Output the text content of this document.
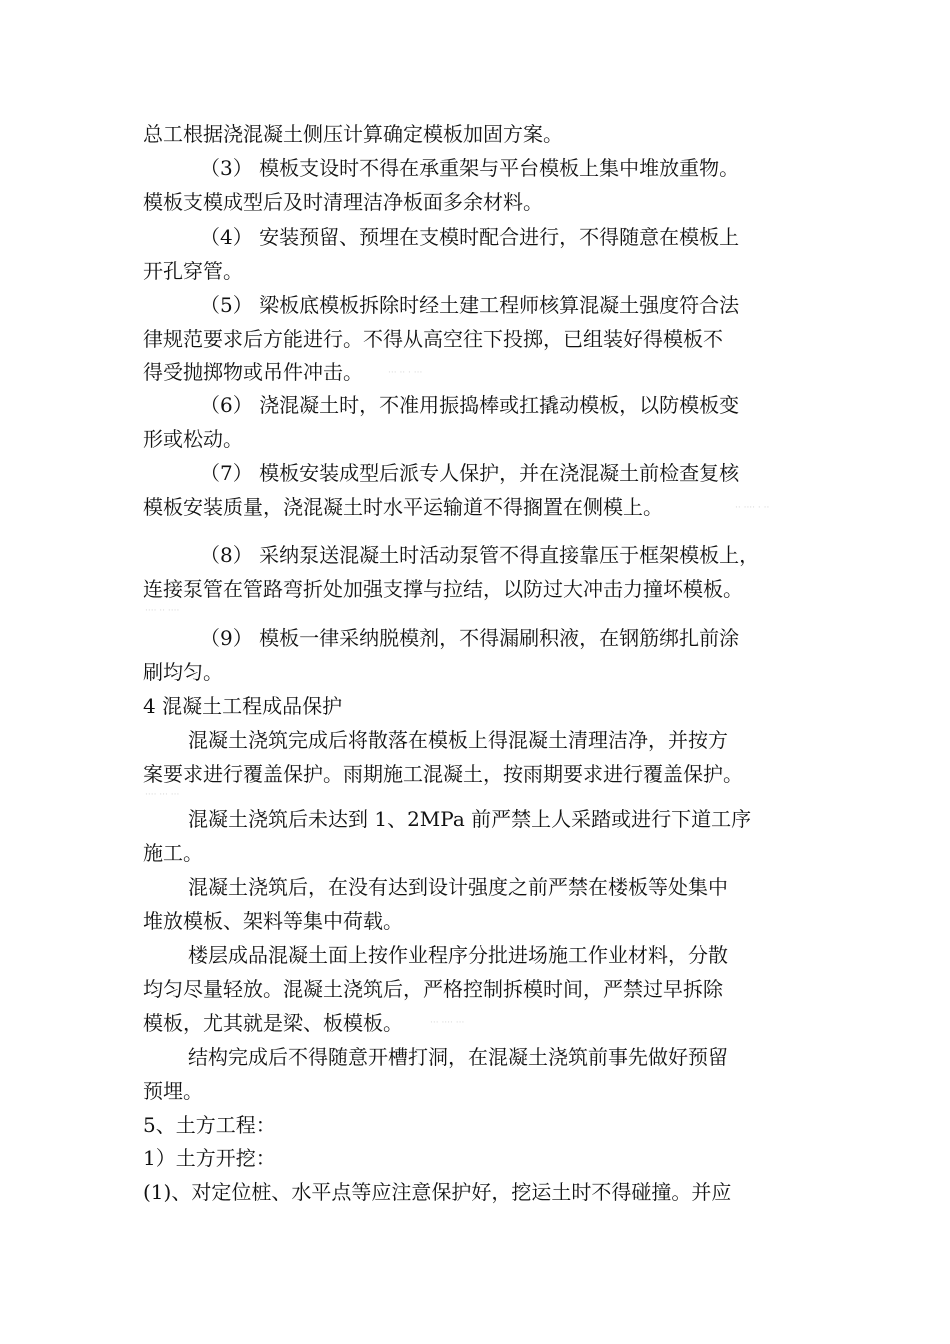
总工根据浇混凝土侧压计算确定模板加固方案。
（3） 模板支设时不得在承重架与平台模板上集中堆放重物。
模板支模成型后及时清理洁净板面多余材料。
（4） 安装预留、预埋在支模时配合进行，不得随意在模板上
开孔穿管。
（5） 梁板底模板拆除时经土建工程师核算混凝土强度符合法
律规范要求后方能进行。不得从高空往下投掷，已组装好得模板不
得受抛掷物或吊件冲击。	··· ·· · ···
（6） 浇混凝土时，不准用振捣棒或扛撬动模板，以防模板变
形或松动。
（7） 模板安装成型后派专人保护，并在浇混凝土前检查复核
模板安装质量，浇混凝土时水平运输道不得搁置在侧模上。	·· ···· · ··
（8） 采纳泵送混凝土时活动泵管不得直接靠压于框架模板上，
连接泵管在管路弯折处加强支撑与拉结，以防过大冲击力撞坏模板。
···· ·· ····
（9） 模板一律采纳脱模剂，不得漏刷积液，在钢筋绑扎前涂
刷均匀。
4 混凝土工程成品保护
混凝土浇筑完成后将散落在模板上得混凝土清理洁净，并按方
案要求进行覆盖保护。雨期施工混凝土，按雨期要求进行覆盖保护。
···· ··· ···
混凝土浇筑后未达到 1、2MPa 前严禁上人采踏或进行下道工序
施工。
混凝土浇筑后，在没有达到设计强度之前严禁在楼板等处集中
堆放模板、架料等集中荷载。
楼层成品混凝土面上按作业程序分批进场施工作业材料，分散
均匀尽量轻放。混凝土浇筑后，严格控制拆模时间，严禁过早拆除
模板，尤其就是梁、板模板。	··· ···· ···
结构完成后不得随意开槽打洞，在混凝土浇筑前事先做好预留
预埋。
5、土方工程：
1）土方开挖：
(1)、对定位桩、水平点等应注意保护好，挖运土时不得碰撞。并应
